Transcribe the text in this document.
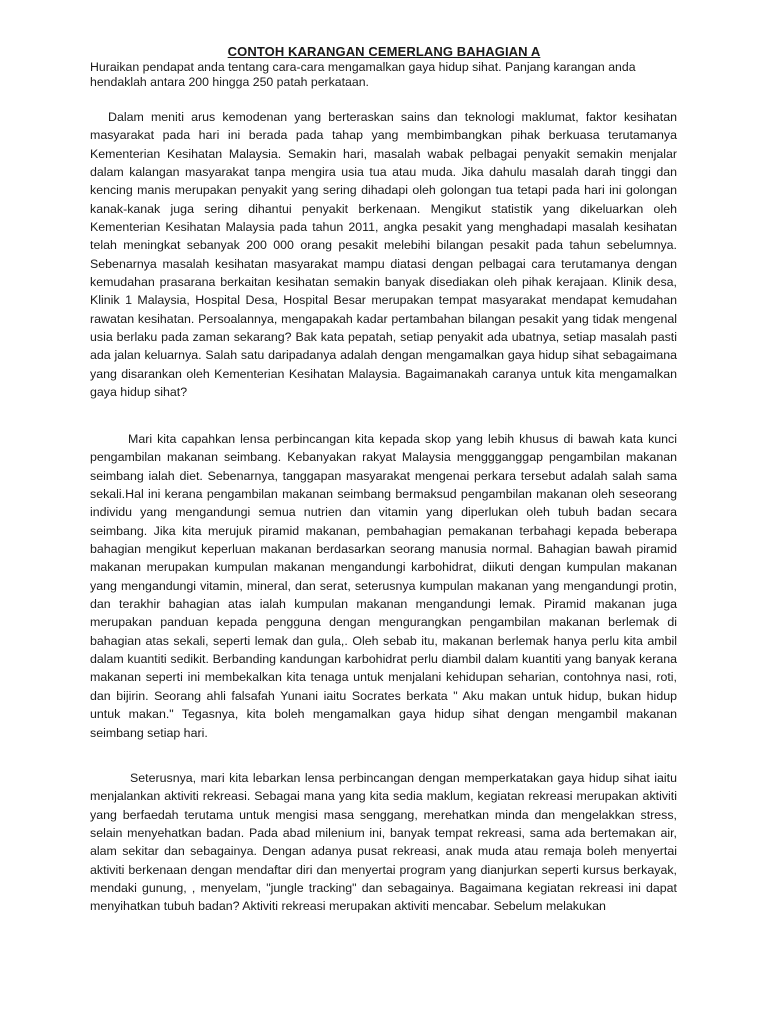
CONTOH KARANGAN CEMERLANG BAHAGIAN A

Huraikan pendapat anda tentang cara-cara mengamalkan gaya hidup sihat. Panjang karangan anda hendaklah antara 200 hingga 250 patah perkataan.

Dalam meniti arus kemodenan yang berteraskan sains dan teknologi maklumat, faktor kesihatan masyarakat pada hari ini berada pada tahap yang membimbangkan pihak berkuasa terutamanya Kementerian Kesihatan Malaysia. Semakin hari, masalah wabak pelbagai penyakit semakin menjalar dalam kalangan masyarakat tanpa mengira usia tua atau muda. Jika dahulu masalah darah tinggi dan kencing manis merupakan penyakit yang sering dihadapi oleh golongan tua tetapi pada hari ini golongan kanak-kanak juga sering dihantui penyakit berkenaan. Mengikut statistik yang dikeluarkan oleh Kementerian Kesihatan Malaysia pada tahun 2011, angka pesakit yang menghadapi masalah kesihatan telah meningkat sebanyak 200 000 orang pesakit melebihi bilangan pesakit pada tahun sebelumnya. Sebenarnya masalah kesihatan masyarakat mampu diatasi dengan pelbagai cara terutamanya dengan kemudahan prasarana berkaitan kesihatan semakin banyak disediakan oleh pihak kerajaan. Klinik desa, Klinik 1 Malaysia, Hospital Desa, Hospital Besar merupakan tempat masyarakat mendapat kemudahan rawatan kesihatan. Persoalannya, mengapakah kadar pertambahan bilangan pesakit yang tidak mengenal usia berlaku pada zaman sekarang? Bak kata pepatah, setiap penyakit ada ubatnya, setiap masalah pasti ada jalan keluarnya. Salah satu daripadanya adalah dengan mengamalkan gaya hidup sihat sebagaimana yang disarankan oleh Kementerian Kesihatan Malaysia. Bagaimanakah caranya untuk kita mengamalkan gaya hidup sihat?

Mari kita capahkan lensa perbincangan kita kepada skop yang lebih khusus di bawah kata kunci pengambilan makanan seimbang. Kebanyakan rakyat Malaysia menggganggap pengambilan makanan seimbang ialah diet. Sebenarnya, tanggapan masyarakat mengenai perkara tersebut adalah salah sama sekali.Hal ini kerana pengambilan makanan seimbang bermaksud pengambilan makanan oleh seseorang individu yang mengandungi semua nutrien dan vitamin yang diperlukan oleh tubuh badan secara seimbang. Jika kita merujuk piramid makanan, pembahagian pemakanan terbahagi kepada beberapa bahagian mengikut keperluan makanan berdasarkan seorang manusia normal. Bahagian bawah piramid makanan merupakan kumpulan makanan mengandungi karbohidrat, diikuti dengan kumpulan makanan yang mengandungi vitamin, mineral, dan serat, seterusnya kumpulan makanan yang mengandungi protin, dan terakhir bahagian atas ialah kumpulan makanan mengandungi lemak. Piramid makanan juga merupakan panduan kepada pengguna dengan mengurangkan pengambilan makanan berlemak di bahagian atas sekali, seperti lemak dan gula,. Oleh sebab itu, makanan berlemak hanya perlu kita ambil dalam kuantiti sedikit. Berbanding kandungan karbohidrat perlu diambil dalam kuantiti yang banyak kerana makanan seperti ini membekalkan kita tenaga untuk menjalani kehidupan seharian, contohnya nasi, roti, dan bijirin. Seorang ahli falsafah Yunani iaitu Socrates berkata " Aku makan untuk hidup, bukan hidup untuk makan." Tegasnya, kita boleh mengamalkan gaya hidup sihat dengan mengambil makanan seimbang setiap hari.

Seterusnya, mari kita lebarkan lensa perbincangan dengan memperkatakan gaya hidup sihat iaitu menjalankan aktiviti rekreasi. Sebagai mana yang kita sedia maklum, kegiatan rekreasi merupakan aktiviti yang berfaedah terutama untuk mengisi masa senggang, merehatkan minda dan mengelakkan stress, selain menyehatkan badan. Pada abad milenium ini, banyak tempat rekreasi, sama ada bertemakan air, alam sekitar dan sebagainya. Dengan adanya pusat rekreasi, anak muda atau remaja boleh menyertai aktiviti berkenaan dengan mendaftar diri dan menyertai program yang dianjurkan seperti kursus berkayak, mendaki gunung, , menyelam, "jungle tracking" dan sebagainya. Bagaimana kegiatan rekreasi ini dapat menyihatkan tubuh badan? Aktiviti rekreasi merupakan aktiviti mencabar. Sebelum melakukan
